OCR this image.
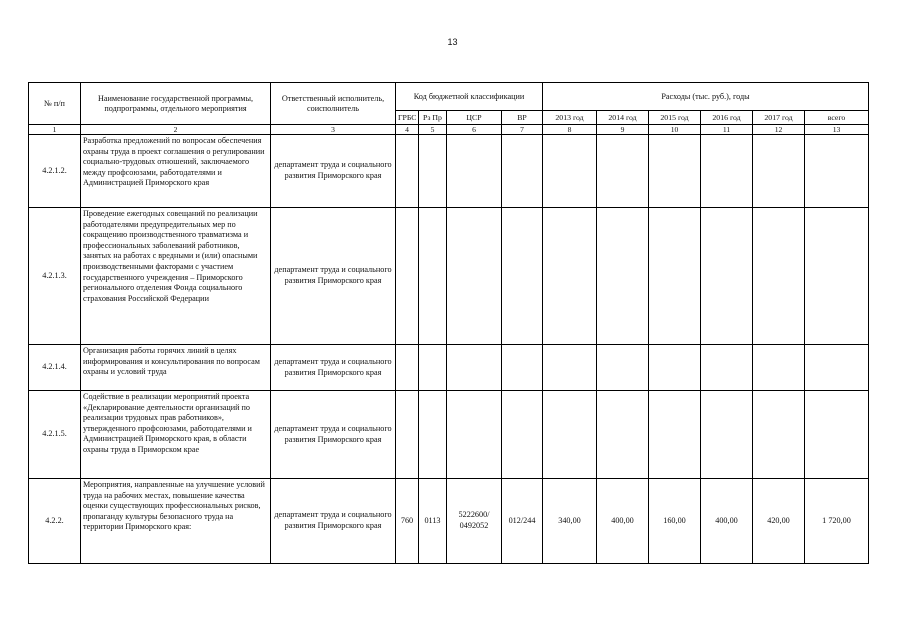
13
№ п/п	Наименование государственной программы, подпрограммы, отдельного мероприятия	Ответственный исполнитель, соисполнитель	Код бюджетной классификации				Расходы (тыс. руб.), годы					
			ГРБС	Рз Пр	ЦСР	ВР	2013 год	2014 год	2015 год	2016 год	2017 год	всего
1	2	3	4	5	6	7	8	9	10	11	12	13
4.2.1.2.	Разработка предложений по вопросам обеспечения охраны труда в проект соглашения о регулировании социально-трудовых отношений, заключаемого между профсоюзами, работодателями и Администрацией Приморского края	департамент труда и социального развития Приморского края										
4.2.1.3.	Проведение ежегодных совещаний по реализации работодателями предупредительных мер по сокращению производственного травматизма и профессиональных заболеваний работников, занятых на работах с вредными и (или) опасными производственными факторами с участием государственного учреждения – Приморского регионального отделения Фонда социального страхования Российской Федерации	департамент труда и социального развития Приморского края										
4.2.1.4.	Организация работы горячих линий в целях информирования и консультирования по вопросам охраны и условий труда	департамент труда и социального развития Приморского края										
4.2.1.5.	Содействие в реализации мероприятий проекта «Декларирование деятельности организаций по реализации трудовых прав работников», утвержденного профсоюзами, работодателями и Администрацией Приморского края, в области охраны труда в Приморском крае	департамент труда и социального развития Приморского края										
4.2.2.	Мероприятия, направленные на улучшение условий труда на рабочих местах, повышение качества оценки существующих профессиональных рисков, пропаганду культуры безопасного труда на территории Приморского края:	департамент труда и социального развития Приморского края	760	0113	5222600/ 0492052	012/244	340,00	400,00	160,00	400,00	420,00	1 720,00
